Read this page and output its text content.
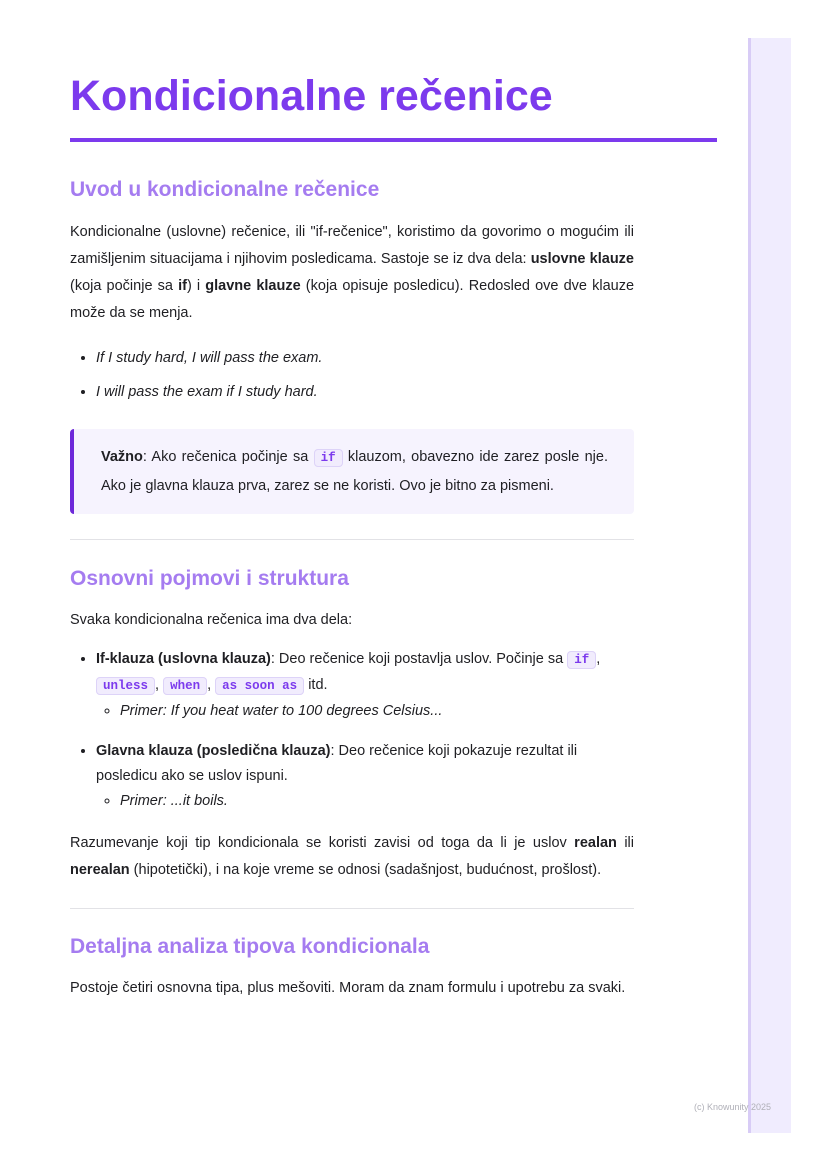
Kondicionalne rečenice
Uvod u kondicionalne rečenice

Kondicionalne (uslovne) rečenice, ili "if-rečenice", koristimo da govorimo o mogućim ili zamišljenim situacijama i njihovim posledicama. Sastoje se iz dva dela: uslovne klauze (koja počinje sa if) i glavne klauze (koja opisuje posledicu). Redosled ove dve klauze može da se menja.

• If I study hard, I will pass the exam.
• I will pass the exam if I study hard.

Važno: Ako rečenica počinje sa if klauzom, obavezno ide zarez posle nje. Ako je glavna klauza prva, zarez se ne koristi. Ovo je bitno za pismeni.

Osnovni pojmovi i struktura

Svaka kondicionalna rečenica ima dva dela:

• If-klauza (uslovna klauza): Deo rečenice koji postavlja uslov. Počinje sa if , unless , when , as soon as itd.
◦ Primer: If you heat water to 100 degrees Celsius...
• Glavna klauza (posledična klauza): Deo rečenice koji pokazuje rezultat ili posledicu ako se uslov ispuni.
◦ Primer: ...it boils.

Razumevanje koji tip kondicionala se koristi zavisi od toga da li je uslov realan ili nerealan (hipotetički), i na koje vreme se odnosi (sadašnjost, budućnost, prošlost).

Detaljna analiza tipova kondicionala

Postoje četiri osnovna tipa, plus mešoviti. Moram da znam formulu i upotrebu za svaki.

(c) Knowunity 2025
